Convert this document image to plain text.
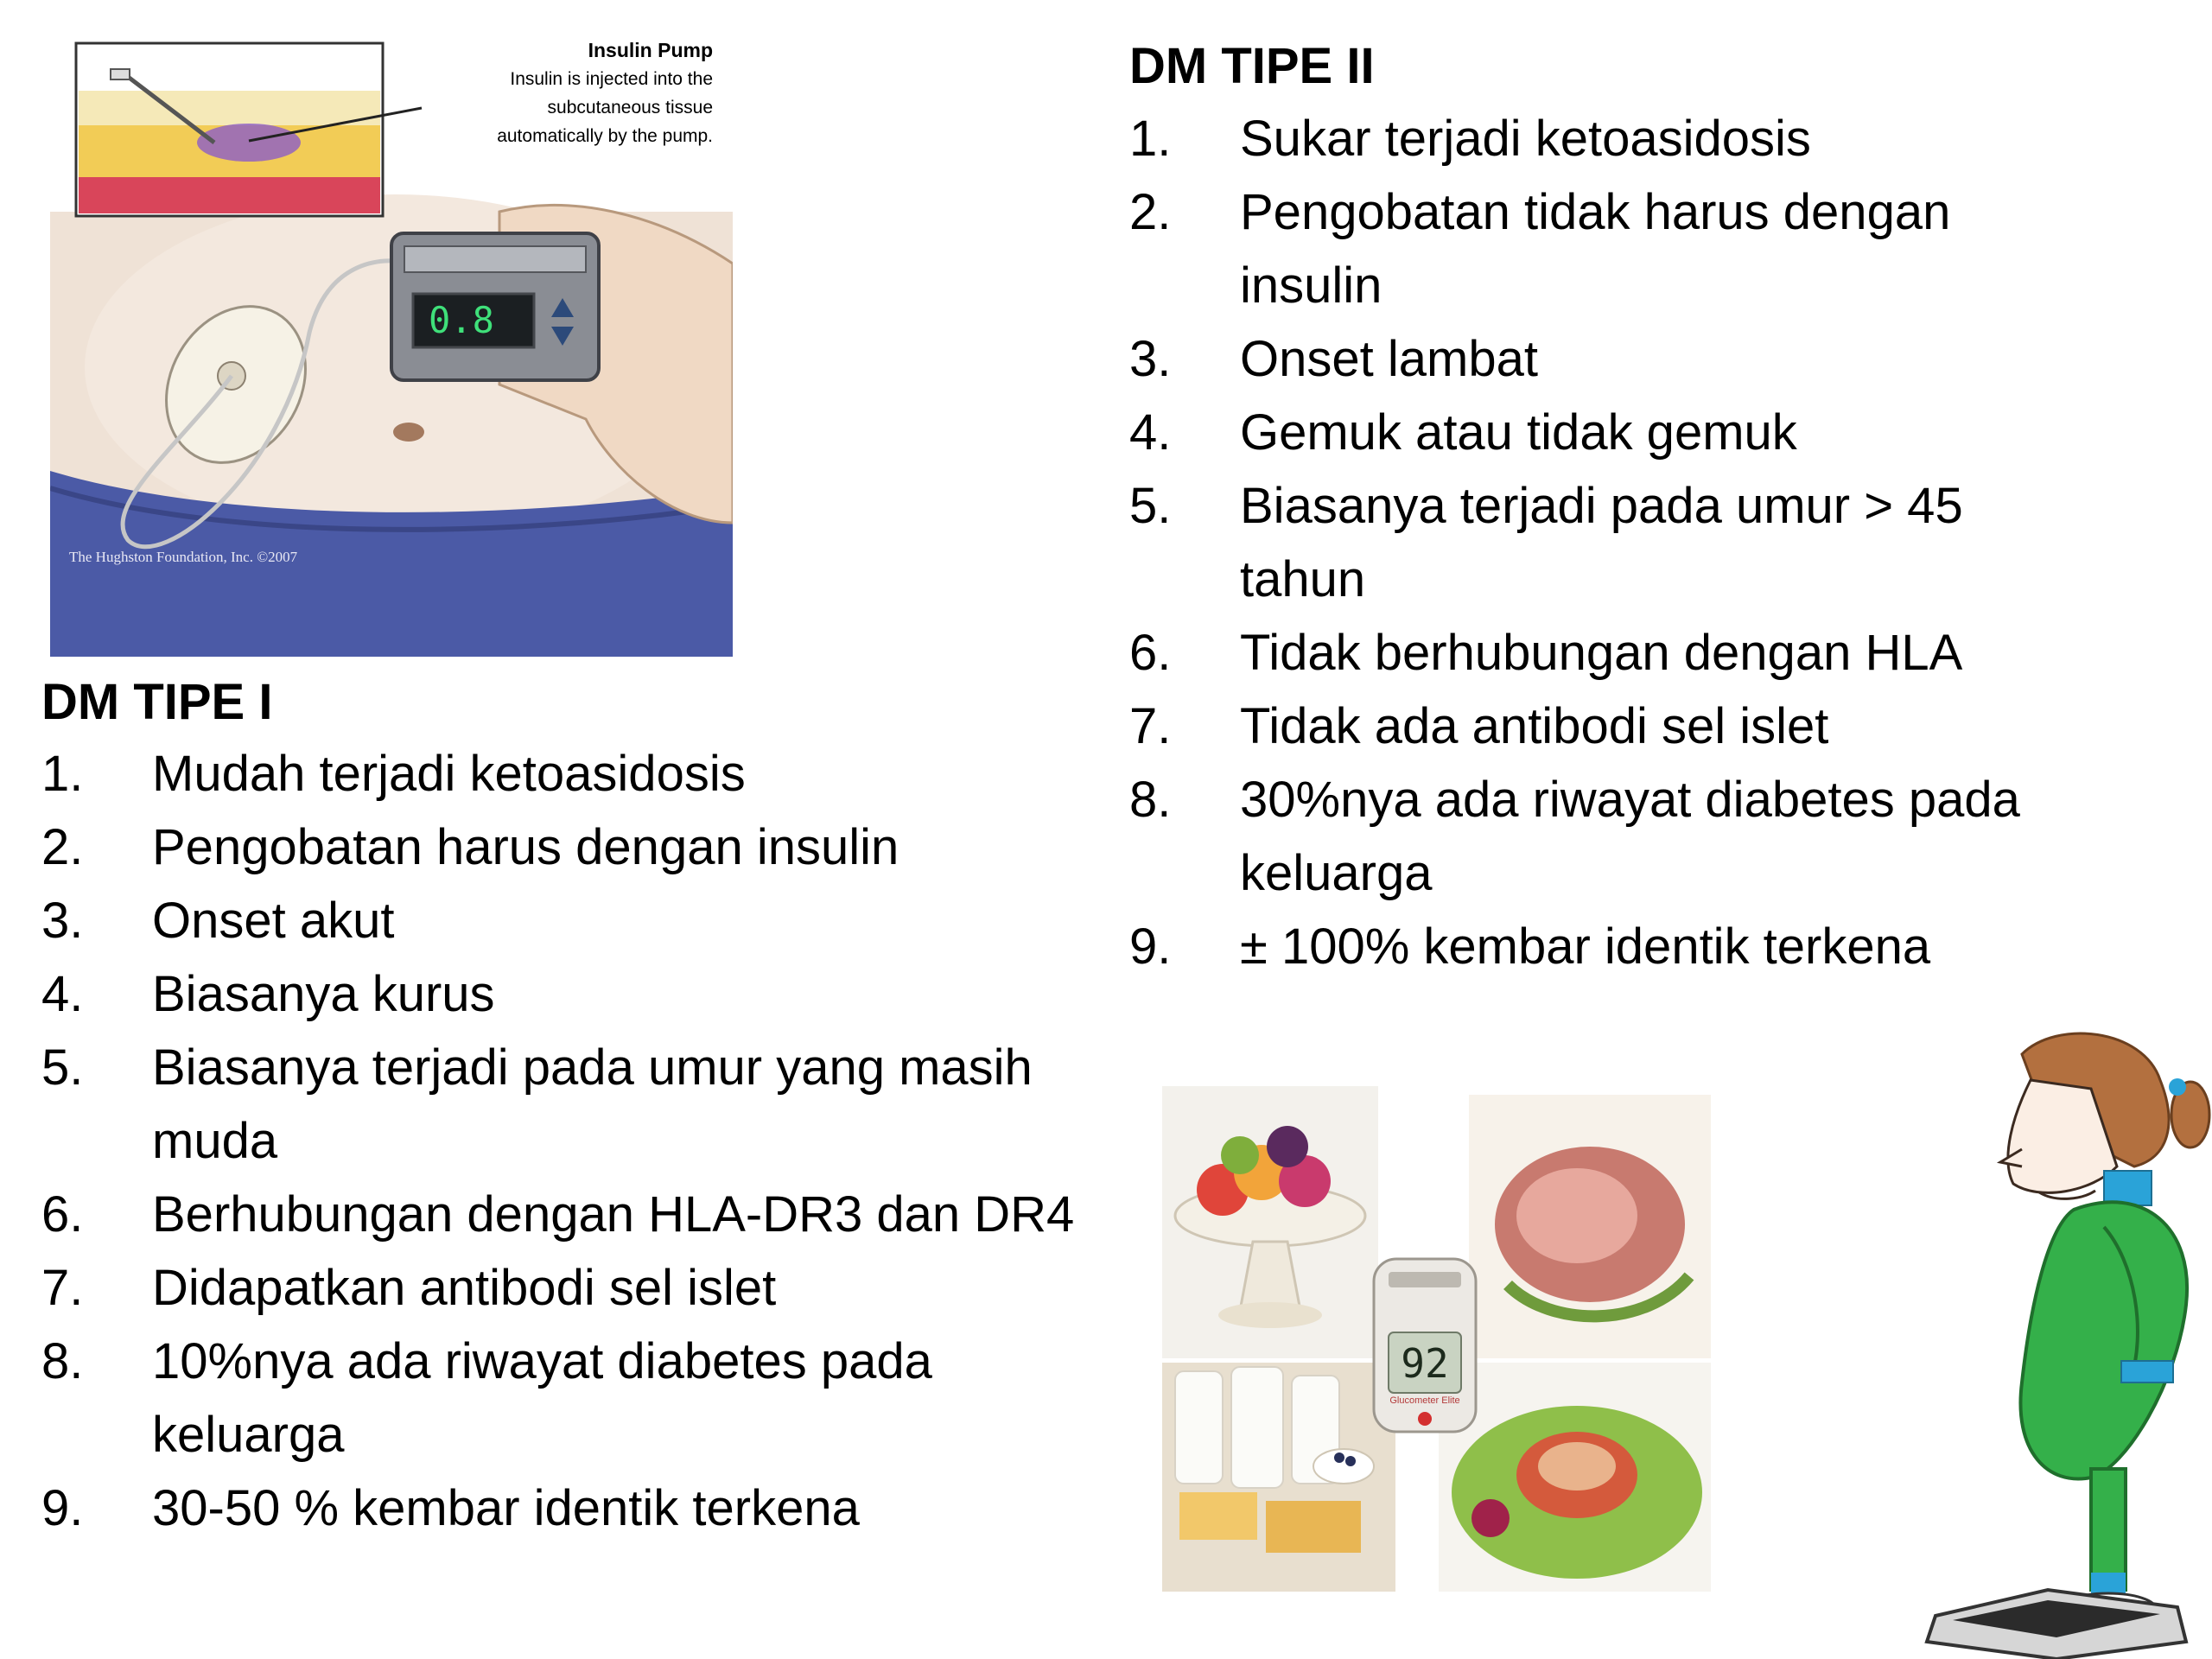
0.8
Insulin Pump
Insulin is injected into the
subcutaneous tissue
automatically by the pump.
The Hughston Foundation, Inc. ©2007
DM TIPE I
1.	Mudah terjadi ketoasidosis
2.	Pengobatan harus dengan insulin
3.	Onset akut
4.	Biasanya kurus
5.	Biasanya terjadi pada umur yang masih muda
6.	Berhubungan dengan HLA-DR3 dan DR4
7.	Didapatkan antibodi sel islet
8.	10%nya ada riwayat diabetes pada keluarga
9.	30-50 % kembar identik terkena
DM TIPE II
1.	Sukar terjadi ketoasidosis
2.	Pengobatan tidak harus dengan insulin
3.	Onset lambat
4.	Gemuk atau tidak gemuk
5.	Biasanya terjadi pada umur > 45 tahun
6.	Tidak berhubungan dengan HLA
7.	Tidak ada antibodi sel islet
8.	30%nya ada riwayat diabetes pada keluarga
9.	± 100% kembar identik terkena
92
Glucometer Elite
